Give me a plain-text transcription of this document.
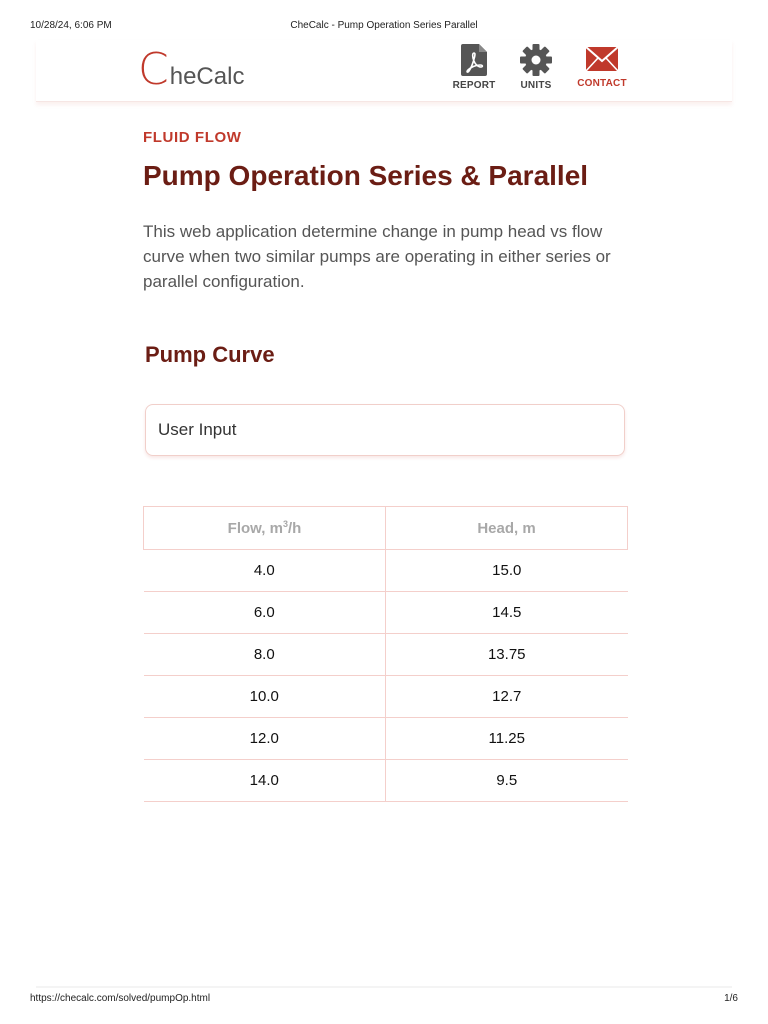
10/28/24, 6:06 PM	CheCalc - Pump Operation Series Parallel
C heCalc	REPORT	UNITS	CONTACT
FLUID FLOW
Pump Operation Series & Parallel

This web application determine change in pump head vs flow curve when two similar pumps are operating in either series or parallel configuration.

Pump Curve
User Input
Flow, $m^3/h$	Head, m
4.0	15.0
6.0	14.5
8.0	13.75
10.0	12.7
12.0	11.25
14.0	9.5
https://checalc.com/solved/pumpOp.html	1/6
